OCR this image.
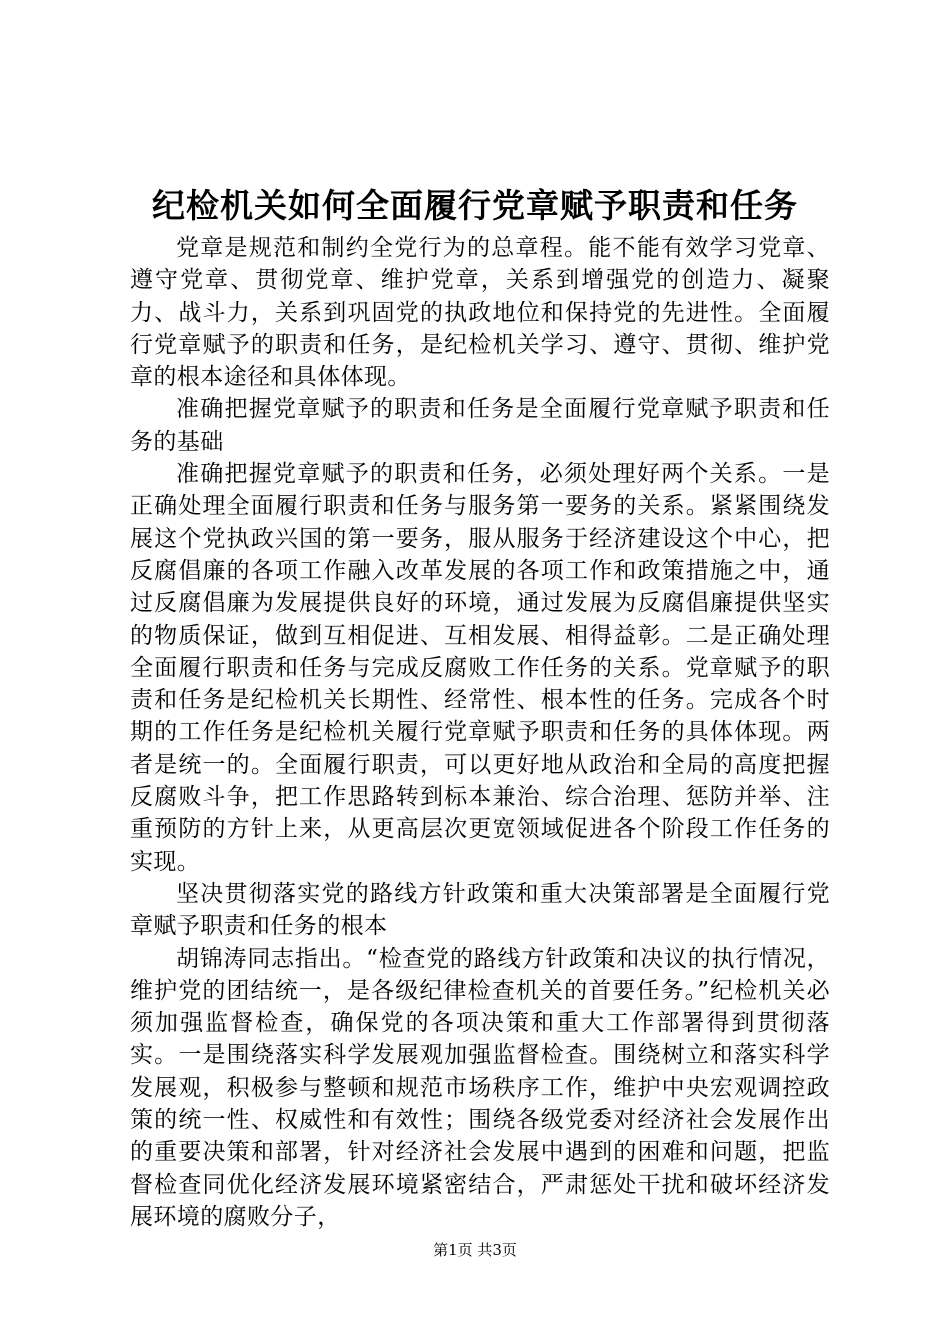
纪检机关如何全面履行党章赋予职责和任务

党章是规范和制约全党行为的总章程。能不能有效学习党章、遵守党章、贯彻党章、维护党章，关系到增强党的创造力、凝聚力、战斗力，关系到巩固党的执政地位和保持党的先进性。全面履行党章赋予的职责和任务，是纪检机关学习、遵守、贯彻、维护党章的根本途径和具体体现。

准确把握党章赋予的职责和任务是全面履行党章赋予职责和任务的基础

准确把握党章赋予的职责和任务，必须处理好两个关系。一是正确处理全面履行职责和任务与服务第一要务的关系。紧紧围绕发展这个党执政兴国的第一要务，服从服务于经济建设这个中心，把反腐倡廉的各项工作融入改革发展的各项工作和政策措施之中，通过反腐倡廉为发展提供良好的环境，通过发展为反腐倡廉提供坚实的物质保证，做到互相促进、互相发展、相得益彰。二是正确处理全面履行职责和任务与完成反腐败工作任务的关系。党章赋予的职责和任务是纪检机关长期性、经常性、根本性的任务。完成各个时期的工作任务是纪检机关履行党章赋予职责和任务的具体体现。两者是统一的。全面履行职责，可以更好地从政治和全局的高度把握反腐败斗争，把工作思路转到标本兼治、综合治理、惩防并举、注重预防的方针上来，从更高层次更宽领域促进各个阶段工作任务的实现。

坚决贯彻落实党的路线方针政策和重大决策部署是全面履行党章赋予职责和任务的根本

胡锦涛同志指出。“检查党的路线方针政策和决议的执行情况，维护党的团结统一，是各级纪律检查机关的首要任务。”纪检机关必须加强监督检查，确保党的各项决策和重大工作部署得到贯彻落实。一是围绕落实科学发展观加强监督检查。围绕树立和落实科学发展观，积极参与整顿和规范市场秩序工作，维护中央宏观调控政策的统一性、权威性和有效性；围绕各级党委对经济社会发展作出的重要决策和部署，针对经济社会发展中遇到的困难和问题，把监督检查同优化经济发展环境紧密结合，严肃惩处干扰和破坏经济发展环境的腐败分子，

第1页 共3页
